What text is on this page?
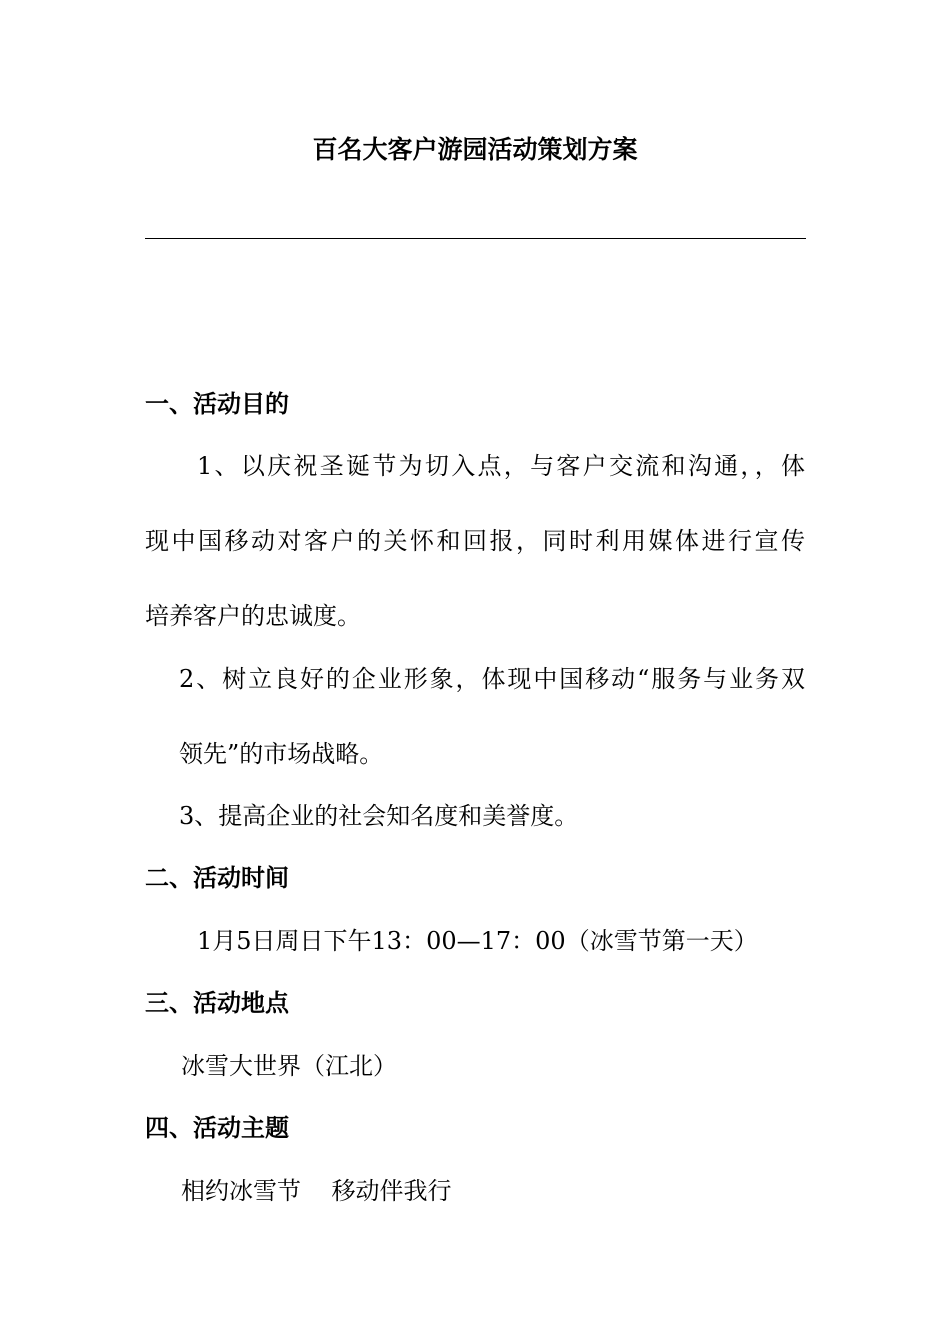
百名大客户游园活动策划方案
一、活动目的
1、以庆祝圣诞节为切入点，与客户交流和沟通，，体
现中国移动对客户的关怀和回报，同时利用媒体进行宣传
培养客户的忠诚度。
2、树立良好的企业形象，体现中国移动“服务与业务双
领先”的市场战略。
3、提高企业的社会知名度和美誉度。
二、活动时间
1月5日周日下午13：00—17：00（冰雪节第一天）
三、活动地点
冰雪大世界（江北）
四、活动主题
相约冰雪节    移动伴我行
